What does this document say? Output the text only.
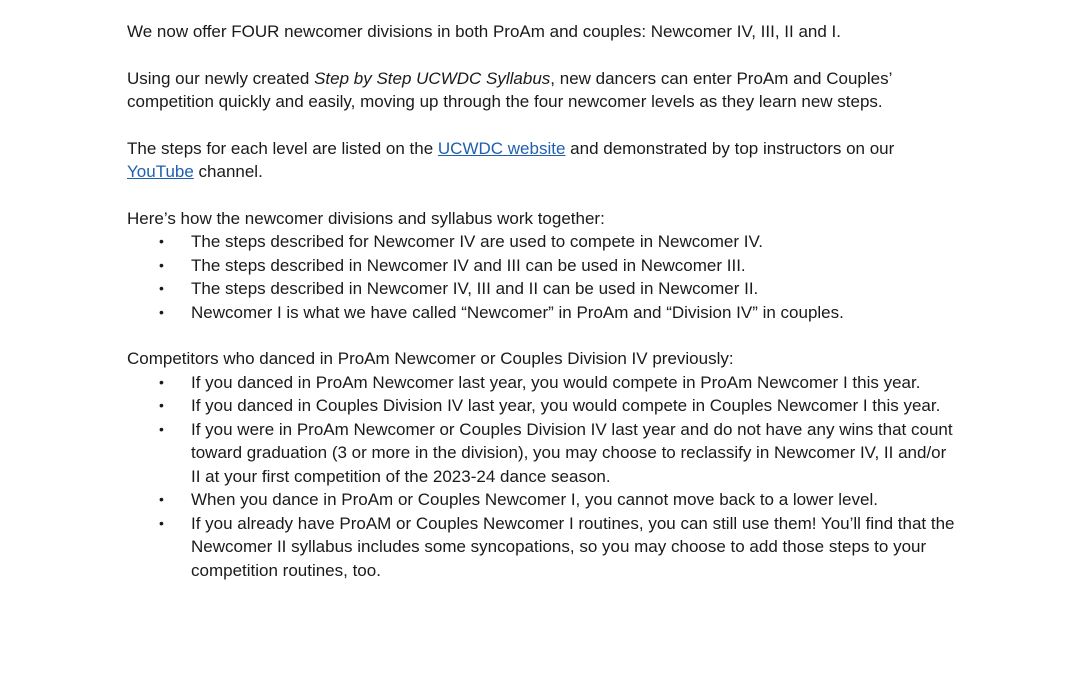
We now offer FOUR newcomer divisions in both ProAm and couples: Newcomer IV, III, II and I.

Using our newly created Step by Step UCWDC Syllabus, new dancers can enter ProAm and Couples’ competition quickly and easily, moving up through the four newcomer levels as they learn new steps.

The steps for each level are listed on the UCWDC website and demonstrated by top instructors on our YouTube channel.

Here’s how the newcomer divisions and syllabus work together:

• The steps described for Newcomer IV are used to compete in Newcomer IV.
• The steps described in Newcomer IV and III can be used in Newcomer III.
• The steps described in Newcomer IV, III and II can be used in Newcomer II.
• Newcomer I is what we have called “Newcomer” in ProAm and “Division IV” in couples.

Competitors who danced in ProAm Newcomer or Couples Division IV previously:

• If you danced in ProAm Newcomer last year, you would compete in ProAm Newcomer I this year.
• If you danced in Couples Division IV last year, you would compete in Couples Newcomer I this year.
• If you were in ProAm Newcomer or Couples Division IV last year and do not have any wins that count toward graduation (3 or more in the division), you may choose to reclassify in Newcomer IV, II and/or II at your first competition of the 2023-24 dance season.
• When you dance in ProAm or Couples Newcomer I, you cannot move back to a lower level.
• If you already have ProAM or Couples Newcomer I routines, you can still use them! You’ll find that the Newcomer II syllabus includes some syncopations, so you may choose to add those steps to your competition routines, too.
